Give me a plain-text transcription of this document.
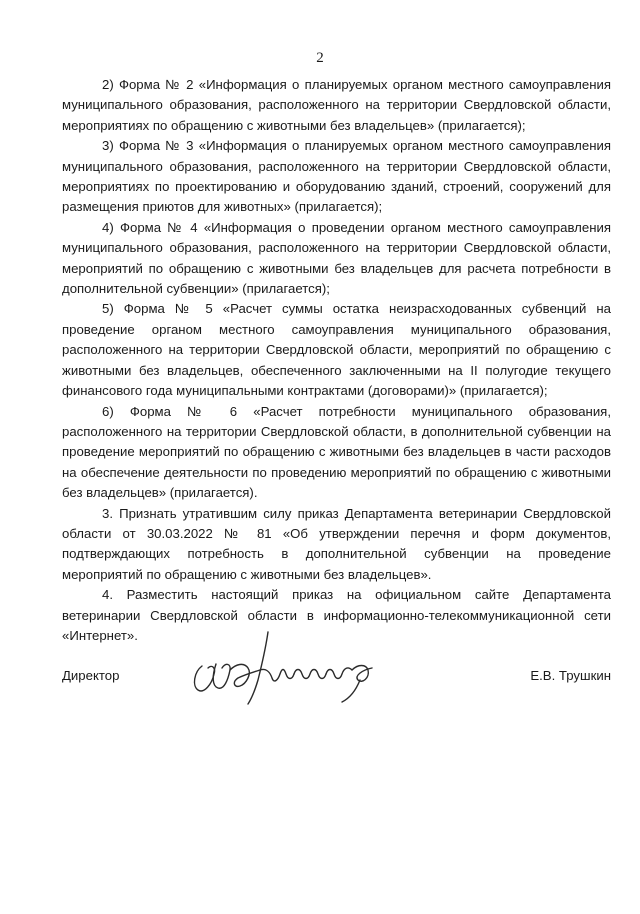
2

2) Форма № 2 «Информация о планируемых органом местного самоуправления муниципального образования, расположенного на территории Свердловской области, мероприятиях по обращению с животными без владельцев» (прилагается);

3) Форма № 3 «Информация о планируемых органом местного самоуправления муниципального образования, расположенного на территории Свердловской области, мероприятиях по проектированию и оборудованию зданий, строений, сооружений для размещения приютов для животных» (прилагается);

4) Форма № 4 «Информация о проведении органом местного самоуправления муниципального образования, расположенного на территории Свердловской области, мероприятий по обращению с животными без владельцев для расчета потребности в дополнительной субвенции» (прилагается);

5) Форма № 5 «Расчет суммы остатка неизрасходованных субвенций на проведение органом местного самоуправления муниципального образования, расположенного на территории Свердловской области, мероприятий по обращению с животными без владельцев, обеспеченного заключенными на II полугодие текущего финансового года муниципальными контрактами (договорами)» (прилагается);

6) Форма № 6 «Расчет потребности муниципального образования, расположенного на территории Свердловской области, в дополнительной субвенции на проведение мероприятий по обращению с животными без владельцев в части расходов на обеспечение деятельности по проведению мероприятий по обращению с животными без владельцев» (прилагается).

3. Признать утратившим силу приказ Департамента ветеринарии Свердловской области от 30.03.2022 № 81 «Об утверждении перечня и форм документов, подтверждающих потребность в дополнительной субвенции на проведение мероприятий по обращению с животными без владельцев».

4. Разместить настоящий приказ на официальном сайте Департамента ветеринарии Свердловской области в информационно-телекоммуникационной сети «Интернет».

Директор	Е.В. Трушкин
